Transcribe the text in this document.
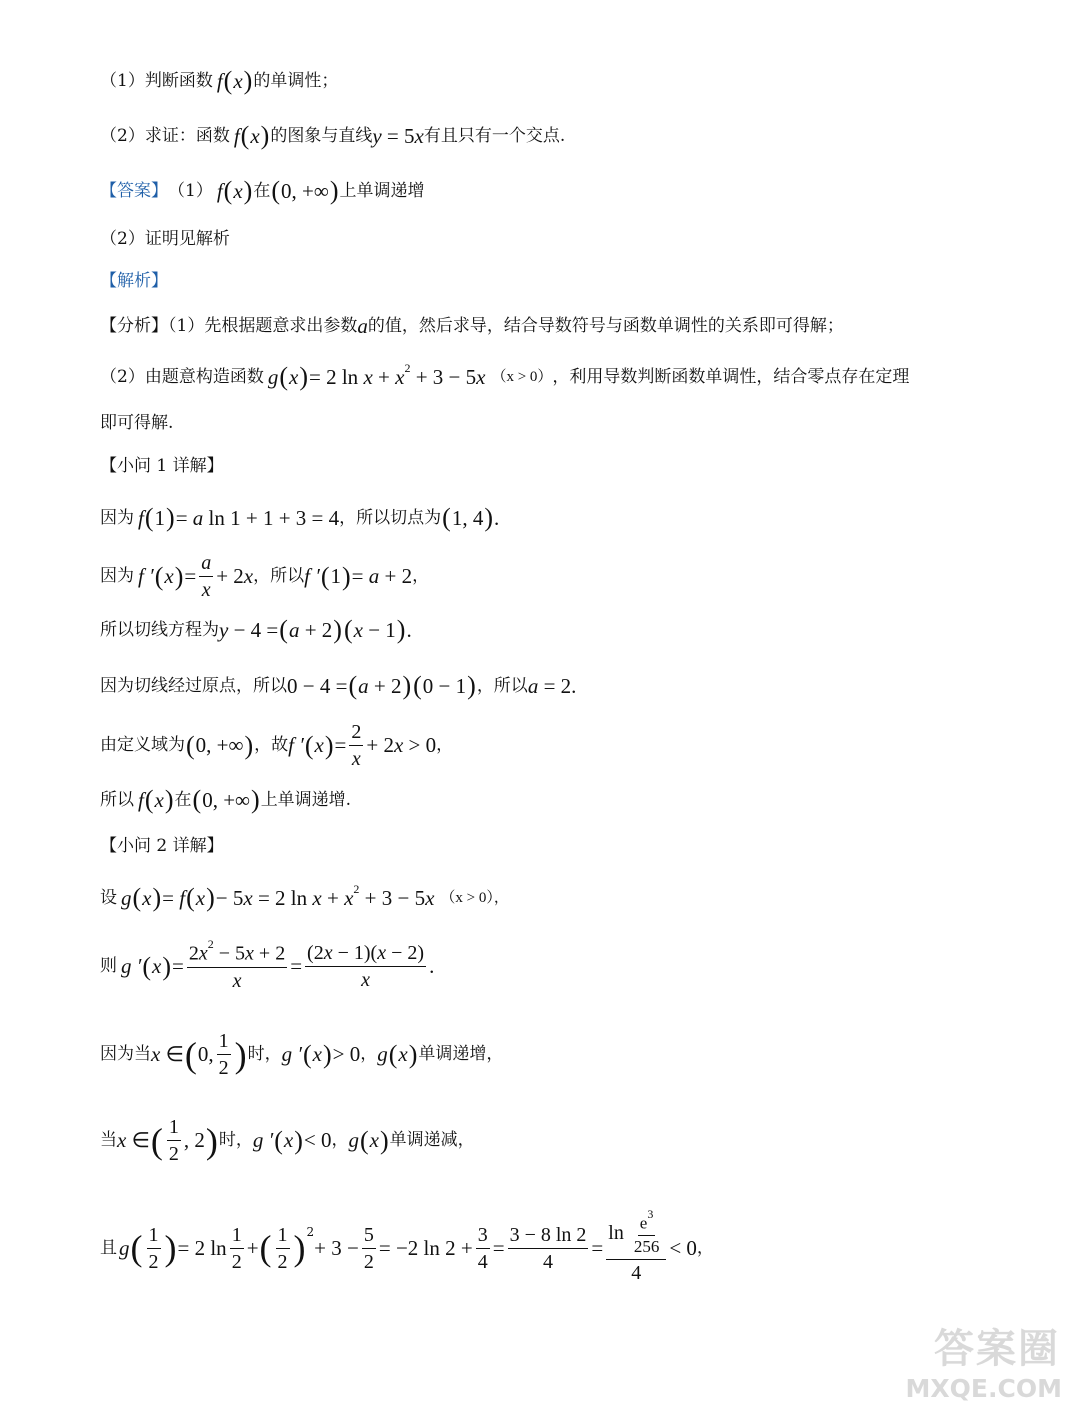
（1）判断函数 f ( x ) 的单调性；
（2）求证：函数 f ( x ) 的图象与直线 y = 5x 有且只有一个交点.
【答案】 （1） f ( x ) 在 ( 0, +∞ ) 上单调递增
（2）证明见解析
【解析】
【分析】（1）先根据题意求出参数 a 的值，然后求导，结合导数符号与函数单调性的关系即可得解；
（2）由题意构造函数 g ( x ) = 2 $\ln x + x^2 + 3 - 5x$ （x > 0） ，利用导数判断函数单调性，结合零点存在定理
即可得解.
【小问 1 详解】
因为 f ( 1 ) = a ln 1 + 1 + 3 = 4 ，所以切点为 ( 1, 4 ) .
因为 f ′ ( x ) = $\frac{a}{x} + 2x$ ，所以 f ′ ( 1 ) = a + 2 ，
所以切线方程为 y − 4 = ( a + 2 ) ( x − 1 ) .
因为切线经过原点，所以 0 − 4 = ( a + 2 ) ( 0 − 1 ) ，所以 a = 2.
由定义域为 ( 0, +∞ ) ，故 f ′ ( x ) = $\frac{2}{x} + 2x > 0$ ，
所以 f ( x ) 在 ( 0, +∞ ) 上单调递增.
【小问 2 详解】
设 g ( x ) = f ( x ) − 5x = 2 $\ln x + x^2 + 3 - 5x$ （x > 0），
则 g ′ ( x ) = $\frac{2x^2 - 5x + 2}{x} = \frac{(2x - 1)(x - 2)}{x}$ .
因为当 x ∈ ( 0, $\frac{1}{2}$ ) 时， g ′ ( x ) > 0 ， g ( x ) 单调递增，
当 x ∈ ( $\frac{1}{2}$ , 2 ) 时， g ′ ( x ) < 0 ， g ( x ) 单调递减，
且 g ( $\frac{1}{2}$ ) = 2 $\ln \frac{1}{2}$ + ( $\frac{1}{2}$ ) 2
+ $3 - \frac{5}{2} = -2$ $\ln 2 + \frac{3}{4} = \frac{3 - 8 \ln 2}{4} = \frac{\ln \frac{e^3}{256}}{4} < 0$ ，
答案圈
MXQE.COM
